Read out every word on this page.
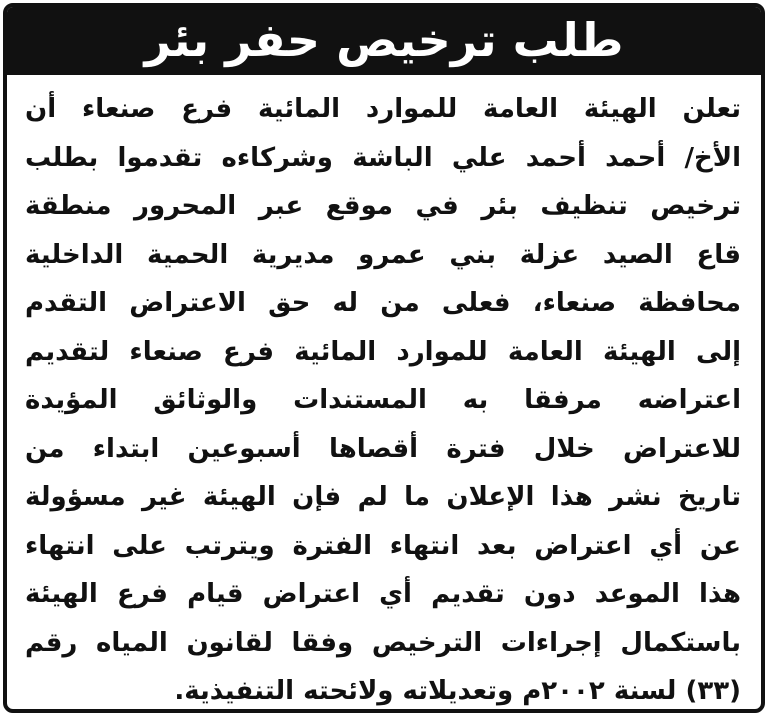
طلب ترخيص حفر بئر
تعلن الهيئة العامة للموارد المائية فرع صنعاء أن
الأخ/ أحمد أحمد علي الباشة وشركاءه تقدموا بطلب
ترخيص تنظيف بئر في موقع عبر المحرور منطقة
قاع الصيد عزلة بني عمرو مديرية الحمية الداخلية
محافظة صنعاء، فعلى من له حق الاعتراض التقدم
إلى الهيئة العامة للموارد المائية فرع صنعاء لتقديم
اعتراضه مرفقا به المستندات والوثائق المؤيدة
للاعتراض خلال فترة أقصاها أسبوعين ابتداء من
تاريخ نشر هذا الإعلان ما لم فإن الهيئة غير مسؤولة
عن أي اعتراض بعد انتهاء الفترة ويترتب على انتهاء
هذا الموعد دون تقديم أي اعتراض قيام فرع الهيئة
باستكمال إجراءات الترخيص وفقا لقانون المياه رقم
(٣٣) لسنة ٢٠٠٢م وتعديلاته ولائحته التنفيذية.
